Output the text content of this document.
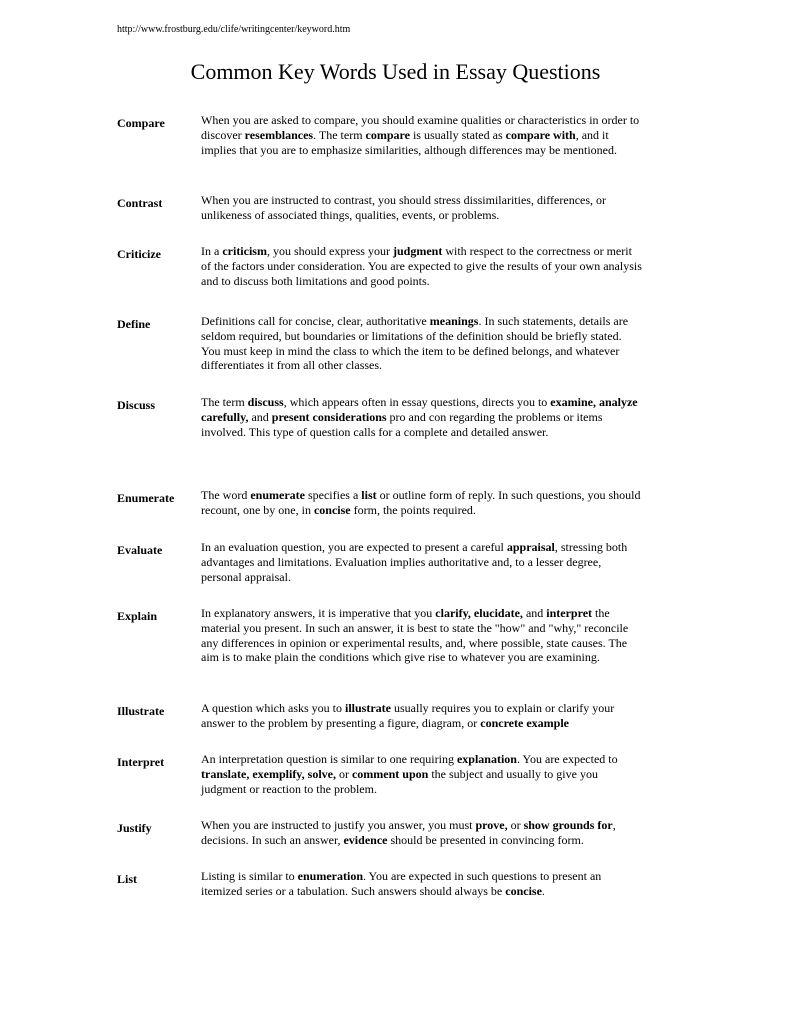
http://www.frostburg.edu/clife/writingcenter/keyword.htm
Common Key Words Used in Essay Questions
Compare	When you are asked to compare, you should examine qualities or characteristics in order to discover resemblances. The term compare is usually stated as compare with, and it implies that you are to emphasize similarities, although differences may be mentioned.
Contrast	When you are instructed to contrast, you should stress dissimilarities, differences, or unlikeness of associated things, qualities, events, or problems.
Criticize	In a criticism, you should express your judgment with respect to the correctness or merit of the factors under consideration. You are expected to give the results of your own analysis and to discuss both limitations and good points.
Define	Definitions call for concise, clear, authoritative meanings. In such statements, details are seldom required, but boundaries or limitations of the definition should be briefly stated. You must keep in mind the class to which the item to be defined belongs, and whatever differentiates it from all other classes.
Discuss	The term discuss, which appears often in essay questions, directs you to examine, analyze carefully, and present considerations pro and con regarding the problems or items involved. This type of question calls for a complete and detailed answer.
Enumerate	The word enumerate specifies a list or outline form of reply. In such questions, you should recount, one by one, in concise form, the points required.
Evaluate	In an evaluation question, you are expected to present a careful appraisal, stressing both advantages and limitations. Evaluation implies authoritative and, to a lesser degree, personal appraisal.
Explain	In explanatory answers, it is imperative that you clarify, elucidate, and interpret the material you present. In such an answer, it is best to state the "how" and "why," reconcile any differences in opinion or experimental results, and, where possible, state causes. The aim is to make plain the conditions which give rise to whatever you are examining.
Illustrate	A question which asks you to illustrate usually requires you to explain or clarify your answer to the problem by presenting a figure, diagram, or concrete example
Interpret	An interpretation question is similar to one requiring explanation. You are expected to translate, exemplify, solve, or comment upon the subject and usually to give you judgment or reaction to the problem.
Justify	When you are instructed to justify you answer, you must prove, or show grounds for, decisions. In such an answer, evidence should be presented in convincing form.
List	Listing is similar to enumeration. You are expected in such questions to present an itemized series or a tabulation. Such answers should always be concise.
